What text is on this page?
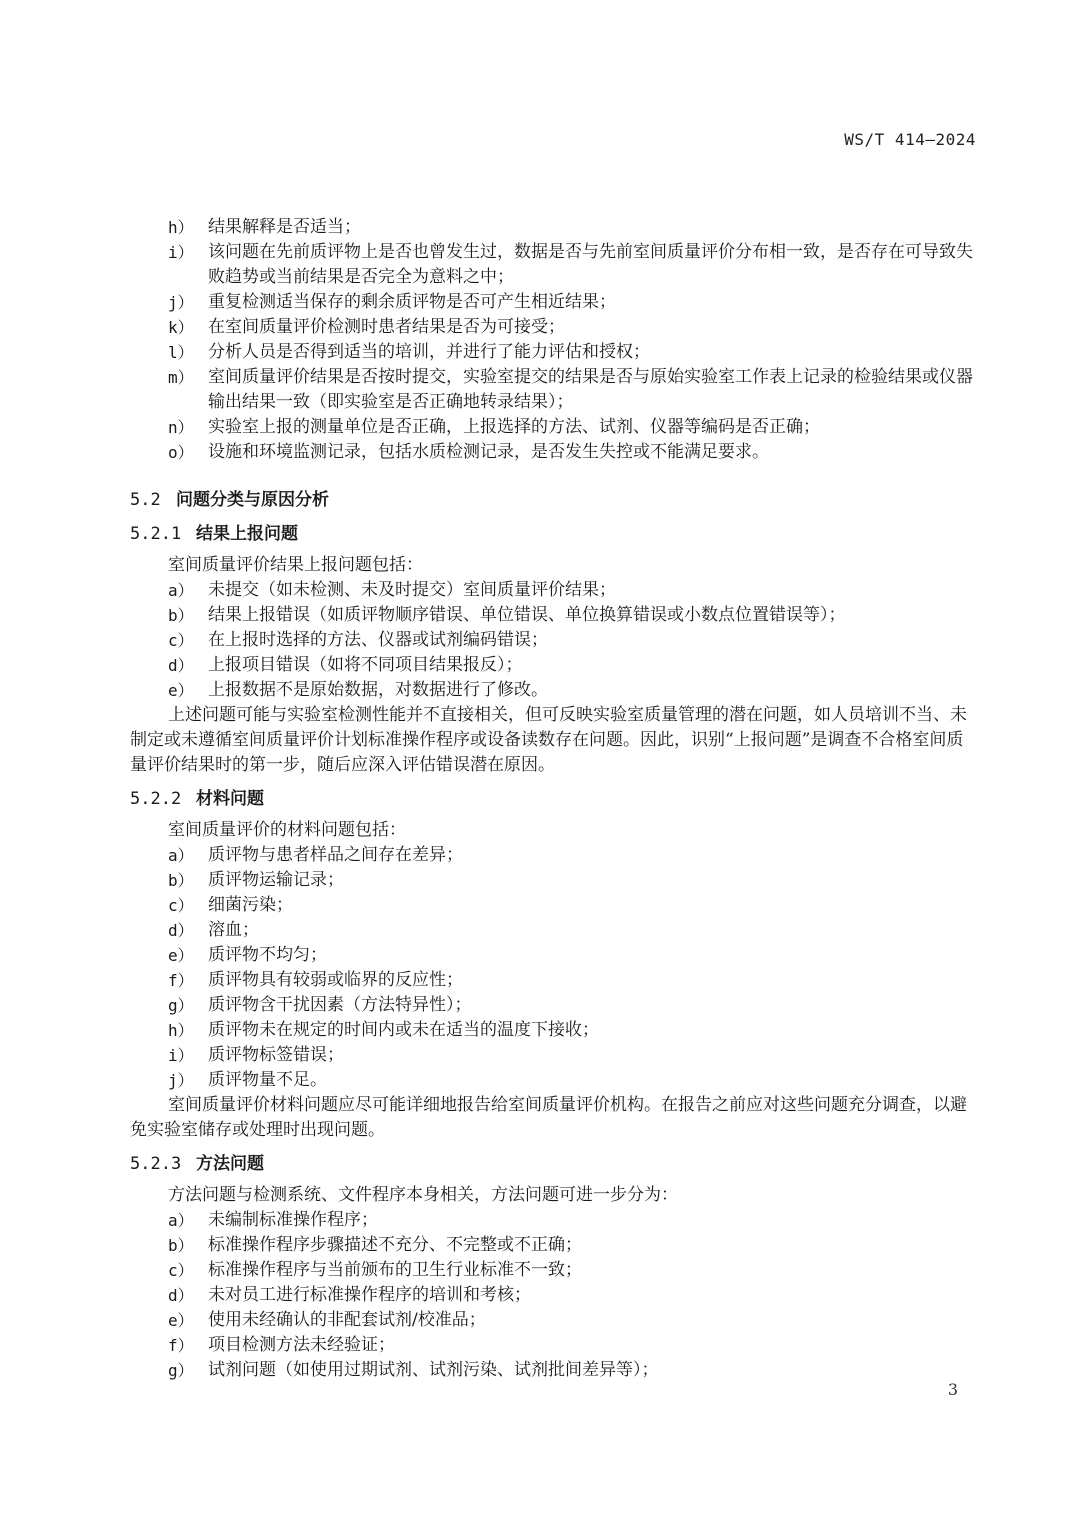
WS/T 414—2024
h） 结果解释是否适当；
i） 该问题在先前质评物上是否也曾发生过，数据是否与先前室间质量评价分布相一致，是否存在可导致失败趋势或当前结果是否完全为意料之中；
j） 重复检测适当保存的剩余质评物是否可产生相近结果；
k） 在室间质量评价检测时患者结果是否为可接受；
l） 分析人员是否得到适当的培训，并进行了能力评估和授权；
m） 室间质量评价结果是否按时提交，实验室提交的结果是否与原始实验室工作表上记录的检验结果或仪器输出结果一致（即实验室是否正确地转录结果）；
n） 实验室上报的测量单位是否正确，上报选择的方法、试剂、仪器等编码是否正确；
o） 设施和环境监测记录，包括水质检测记录，是否发生失控或不能满足要求。
5.2 问题分类与原因分析
5.2.1 结果上报问题
室间质量评价结果上报问题包括：
a） 未提交（如未检测、未及时提交）室间质量评价结果；
b） 结果上报错误（如质评物顺序错误、单位错误、单位换算错误或小数点位置错误等）；
c） 在上报时选择的方法、仪器或试剂编码错误；
d） 上报项目错误（如将不同项目结果报反）；
e） 上报数据不是原始数据，对数据进行了修改。
上述问题可能与实验室检测性能并不直接相关，但可反映实验室质量管理的潜在问题，如人员培训不当、未制定或未遵循室间质量评价计划标准操作程序或设备读数存在问题。因此，识别“上报问题”是调查不合格室间质量评价结果时的第一步，随后应深入评估错误潜在原因。
5.2.2 材料问题
室间质量评价的材料问题包括：
a） 质评物与患者样品之间存在差异；
b） 质评物运输记录；
c） 细菌污染；
d） 溶血；
e） 质评物不均匀；
f） 质评物具有较弱或临界的反应性；
g） 质评物含干扰因素（方法特异性）；
h） 质评物未在规定的时间内或未在适当的温度下接收；
i） 质评物标签错误；
j） 质评物量不足。
室间质量评价材料问题应尽可能详细地报告给室间质量评价机构。在报告之前应对这些问题充分调查，以避免实验室储存或处理时出现问题。
5.2.3 方法问题
方法问题与检测系统、文件程序本身相关，方法问题可进一步分为：
a） 未编制标准操作程序；
b） 标准操作程序步骤描述不充分、不完整或不正确；
c） 标准操作程序与当前颁布的卫生行业标准不一致；
d） 未对员工进行标准操作程序的培训和考核；
e） 使用未经确认的非配套试剂/校准品；
f） 项目检测方法未经验证；
g） 试剂问题（如使用过期试剂、试剂污染、试剂批间差异等）；
3
